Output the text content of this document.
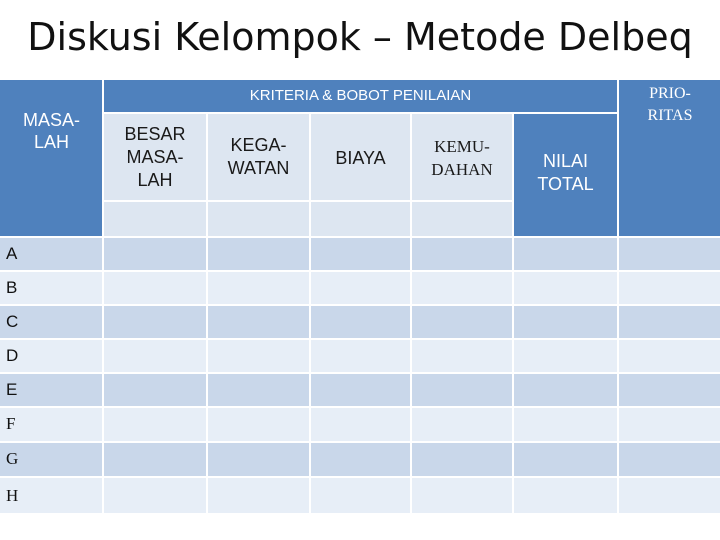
Diskusi Kelompok – Metode Delbeq
MASA-
LAH
KRITERIA & BOBOT PENILAIAN	PRIO-
RITAS
BESAR
MASA-
LAH
KEGA-
WATAN
BIAYA
KEMU-
DAHAN	NILAI
TOTAL
A
B
C
D
E
F
G
H
